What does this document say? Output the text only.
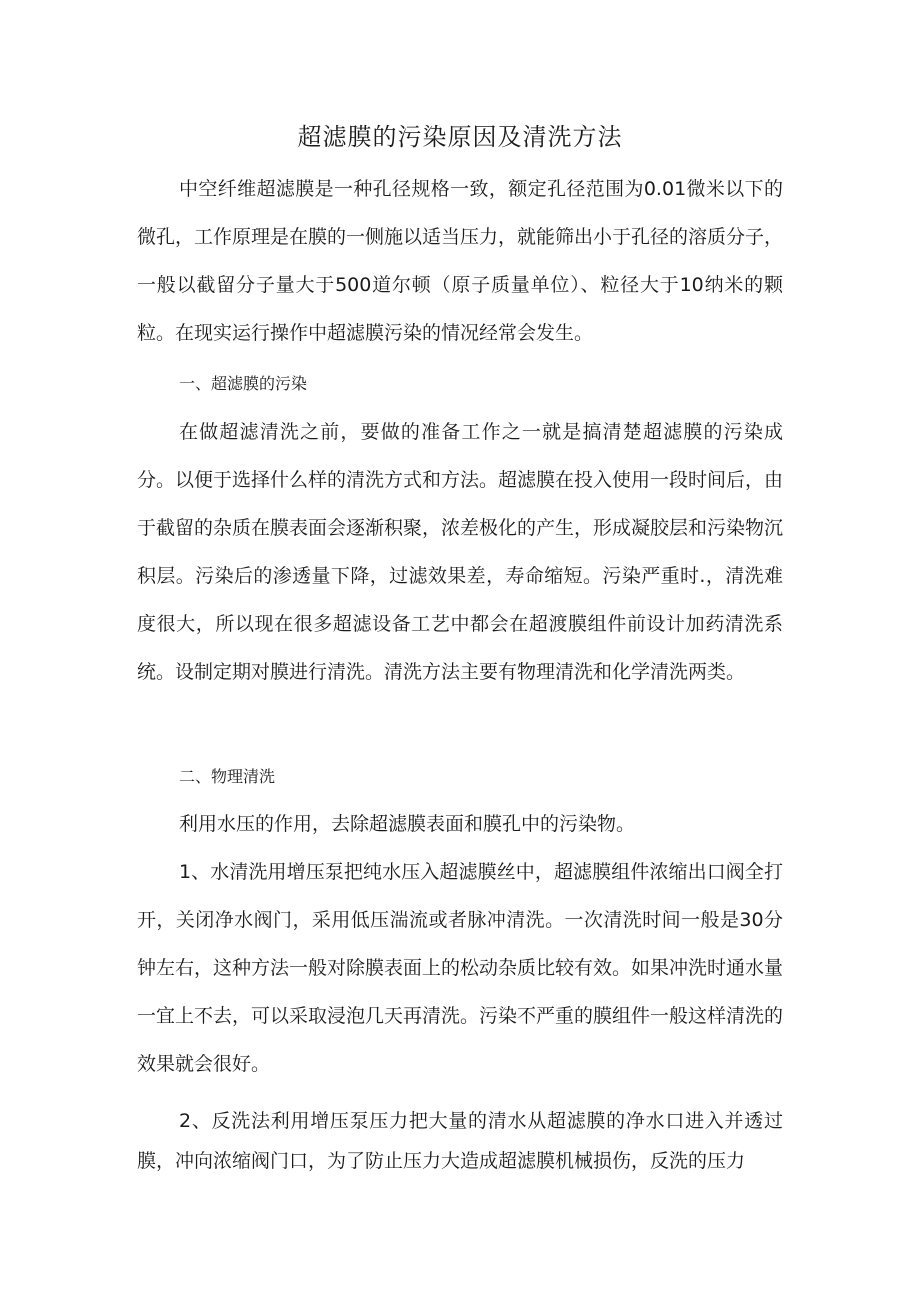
超滤膜的污染原因及清洗方法

中空纤维超滤膜是一种孔径规格一致，额定孔径范围为0.01微米以下的微孔，工作原理是在膜的一侧施以适当压力，就能筛出小于孔径的溶质分子，一般以截留分子量大于500道尔顿（原子质量单位）、粒径大于10纳米的颗粒。在现实运行操作中超滤膜污染的情况经常会发生。

一、超滤膜的污染

在做超滤清洗之前，要做的准备工作之一就是搞清楚超滤膜的污染成分。以便于选择什么样的清洗方式和方法。超滤膜在投入使用一段时间后，由于截留的杂质在膜表面会逐渐积聚，浓差极化的产生，形成凝胶层和污染物沉积层。污染后的渗透量下降，过滤效果差，寿命缩短。污染严重时.，清洗难度很大，所以现在很多超滤设备工艺中都会在超渡膜组件前设计加药清洗系统。设制定期对膜进行清洗。清洗方法主要有物理清洗和化学清洗两类。

二、物理清洗

利用水压的作用，去除超滤膜表面和膜孔中的污染物。

1、水清洗用增压泵把纯水压入超滤膜丝中，超滤膜组件浓缩出口阀全打开，关闭净水阀门，采用低压湍流或者脉冲清洗。一次清洗时间一般是30分钟左右，这种方法一般对除膜表面上的松动杂质比较有效。如果冲洗时通水量一宜上不去，可以采取浸泡几天再清洗。污染不严重的膜组件一般这样清洗的效果就会很好。

2、反洗法利用增压泵压力把大量的清水从超滤膜的净水口进入并透过膜，冲向浓缩阀门口，为了防止压力大造成超滤膜机械损伤，反洗的压力
